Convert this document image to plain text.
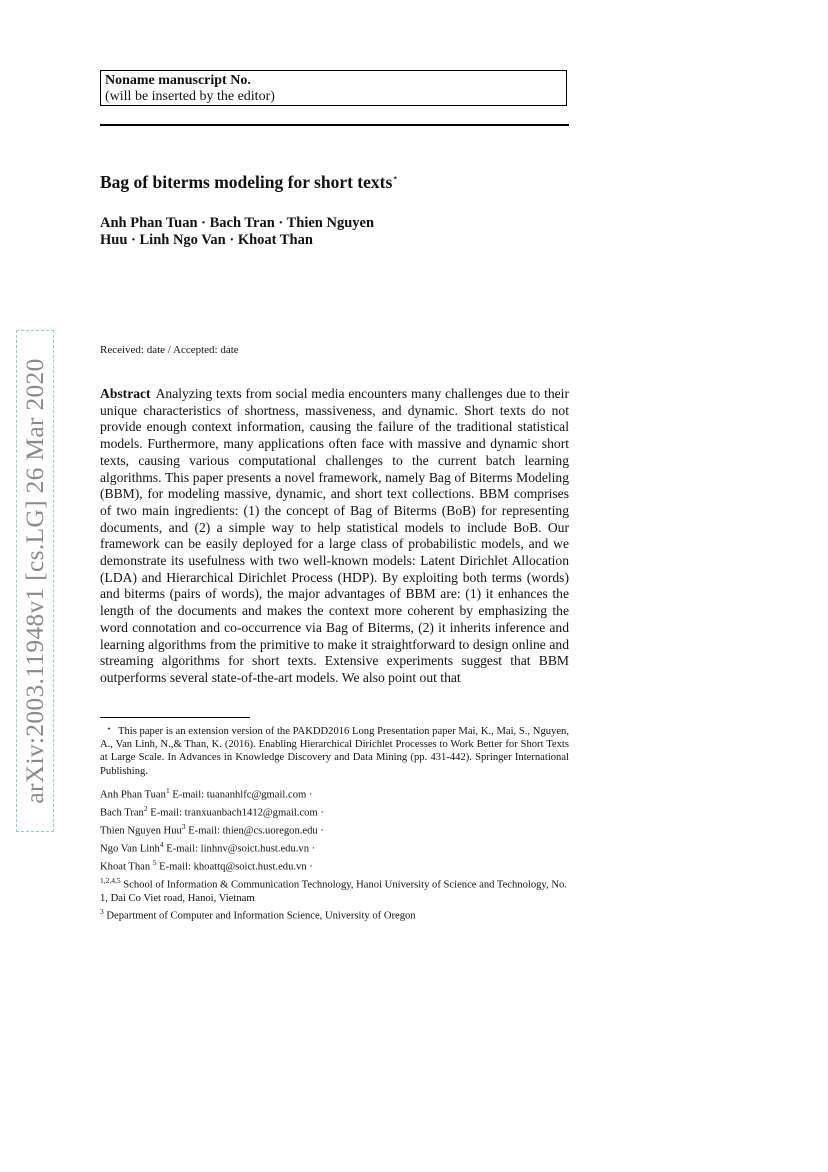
arXiv:2003.11948v1 [cs.LG] 26 Mar 2020
Noname manuscript No.
(will be inserted by the editor)
Bag of biterms modeling for short texts⋆
Anh Phan Tuan · Bach Tran · Thien Nguyen Huu · Linh Ngo Van · Khoat Than
Received: date / Accepted: date
Abstract Analyzing texts from social media encounters many challenges due to their unique characteristics of shortness, massiveness, and dynamic. Short texts do not provide enough context information, causing the failure of the traditional statistical models. Furthermore, many applications often face with massive and dynamic short texts, causing various computational challenges to the current batch learning algorithms. This paper presents a novel framework, namely Bag of Biterms Modeling (BBM), for modeling massive, dynamic, and short text collections. BBM comprises of two main ingredients: (1) the concept of Bag of Biterms (BoB) for representing documents, and (2) a simple way to help statistical models to include BoB. Our framework can be easily deployed for a large class of probabilistic models, and we demonstrate its usefulness with two well-known models: Latent Dirichlet Allocation (LDA) and Hierarchical Dirichlet Process (HDP). By exploiting both terms (words) and biterms (pairs of words), the major advantages of BBM are: (1) it enhances the length of the documents and makes the context more coherent by emphasizing the word connotation and co-occurrence via Bag of Biterms, (2) it inherits inference and learning algorithms from the primitive to make it straightforward to design online and streaming algorithms for short texts. Extensive experiments suggest that BBM outperforms several state-of-the-art models. We also point out that
⋆ This paper is an extension version of the PAKDD2016 Long Presentation paper Mai, K., Mai, S., Nguyen, A., Van Linh, N.,& Than, K. (2016). Enabling Hierarchical Dirichlet Processes to Work Better for Short Texts at Large Scale. In Advances in Knowledge Discovery and Data Mining (pp. 431-442). Springer International Publishing.
Anh Phan Tuan$^1$ E-mail: tuananhlfc@gmail.com ·
Bach Tran$^2$ E-mail: tranxuanbach1412@gmail.com ·
Thien Nguyen Huu$^3$ E-mail: thien@cs.uoregon.edu ·
Ngo Van Linh$^4$ E-mail: linhnv@soict.hust.edu.vn ·
Khoat Than $^5$ E-mail: khoattq@soict.hust.edu.vn ·
$^{1,2,4,5}$ School of Information & Communication Technology, Hanoi University of Science and Technology, No. 1, Dai Co Viet road, Hanoi, Vietnam
$^3$ Department of Computer and Information Science, University of Oregon
